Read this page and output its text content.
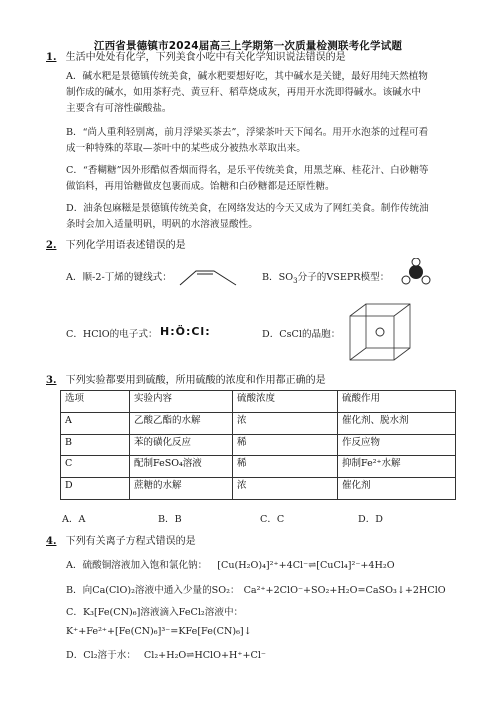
江西省景德镇市2024届高三上学期第一次质量检测联考化学试题
1. 生活中处处有化学，下列美食小吃中有关化学知识说法错误的是
A．碱水粑是景德镇传统美食，碱水粑要想好吃，其中碱水是关键，最好用纯天然植物
制作成的碱水，如用茶籽壳、黄豆秆、稻草烧成灰，再用开水洗即得碱水。该碱水中
主要含有可溶性碳酸盐。
B．“尚人重利轻别离，前月浮梁买茶去”，浮梁茶叶天下闻名。用开水泡茶的过程可看
成一种特殊的萃取—茶叶中的某些成分被热水萃取出来。
C．“香糊糖”因外形酷似香烟而得名，是乐平传统美食，用黑芝麻、桂花汁、白砂糖等
做馅料，再用饴糖做皮包裹而成。饴糖和白砂糖都是还原性糖。
D．油条包麻糍是景德镇传统美食，在网络发达的今天又成为了网红美食。制作传统油
条时会加入适量明矾，明矾的水溶液显酸性。
2. 下列化学用语表述错误的是
A．顺-2-丁烯的键线式：	B．$SO_3$分子的VSEPR模型：
C．HClO的电子式： H:Ö:Cl:	D．CsCl的晶胞：
3. 下列实验都要用到硫酸，所用硫酸的浓度和作用都正确的是
选项	实验内容	硫酸浓度	硫酸作用
A	乙酸乙酯的水解	浓	催化剂、脱水剂
B	苯的磺化反应	稀	作反应物
C	配制FeSO₄溶液	稀	抑制Fe²⁺水解
D	蔗糖的水解	浓	催化剂
A．A	B．B	C．C	D．D
4. 下列有关离子方程式错误的是
A．硫酸铜溶液加入饱和氯化钠： [Cu(H₂O)₄]²⁺+4Cl⁻⇌[CuCl₄]²⁻+4H₂O
B．向Ca(ClO)₂溶液中通入少量的SO₂： Ca²⁺+2ClO⁻+SO₂+H₂O=CaSO₃↓+2HClO
C．K₃[Fe(CN)₆]溶液滴入FeCl₂溶液中：
K⁺+Fe²⁺+[Fe(CN)₆]³⁻=KFe[Fe(CN)₆]↓
D．Cl₂溶于水： Cl₂+H₂O⇌HClO+H⁺+Cl⁻
